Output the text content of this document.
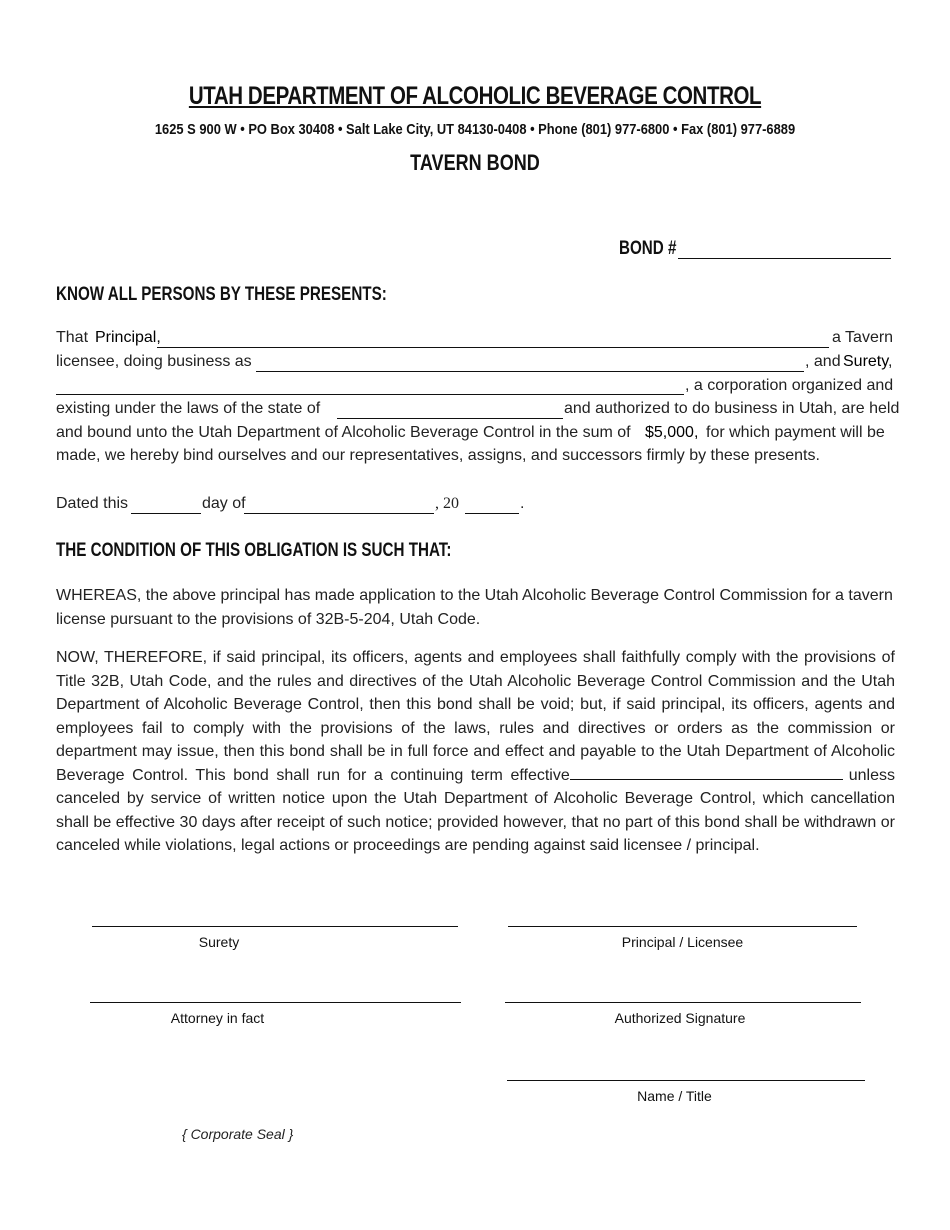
UTAH DEPARTMENT OF ALCOHOLIC BEVERAGE CONTROL
1625 S 900 W • PO Box 30408 • Salt Lake City, UT 84130-0408 • Phone (801) 977-6800 • Fax (801) 977-6889
TAVERN BOND
BOND #
KNOW ALL PERSONS BY THESE PRESENTS:
That Principal,	a Tavern
licensee, doing business as	, and Surety
,
, a corporation organized and
existing under the laws of the state of	and authorized to do business in Utah, are held
and bound unto the Utah Department of Alcoholic Beverage Control in the sum of $5,000, for which payment will be
made, we hereby bind ourselves and our representatives, assigns, and successors firmly by these presents.
Dated this	day of	, 20	.
THE CONDITION OF THIS OBLIGATION IS SUCH THAT:
WHEREAS, the above principal has made application to the Utah Alcoholic Beverage Control Commission for a tavern license pursuant to the provisions of 32B-5-204, Utah Code.
NOW, THEREFORE, if said principal, its officers, agents and employees shall faithfully comply with the provisions of Title 32B, Utah Code, and the rules and directives of the Utah Alcoholic Beverage Control Commission and the Utah Department of Alcoholic Beverage Control, then this bond shall be void; but, if said principal, its officers, agents and employees fail to comply with the provisions of the laws, rules and directives or orders as the commission or department may issue, then this bond shall be in full force and effect and payable to the Utah Department of Alcoholic Beverage Control. This bond shall run for a continuing term effective	unless canceled by service of written notice upon the Utah Department of Alcoholic Beverage Control, which cancellation shall be effective 30 days after receipt of such notice; provided however, that no part of this bond shall be withdrawn or canceled while violations, legal actions or proceedings are pending against said licensee / principal.
Surety	Principal / Licensee
Attorney in fact	Authorized Signature
Name / Title
{ Corporate Seal }
